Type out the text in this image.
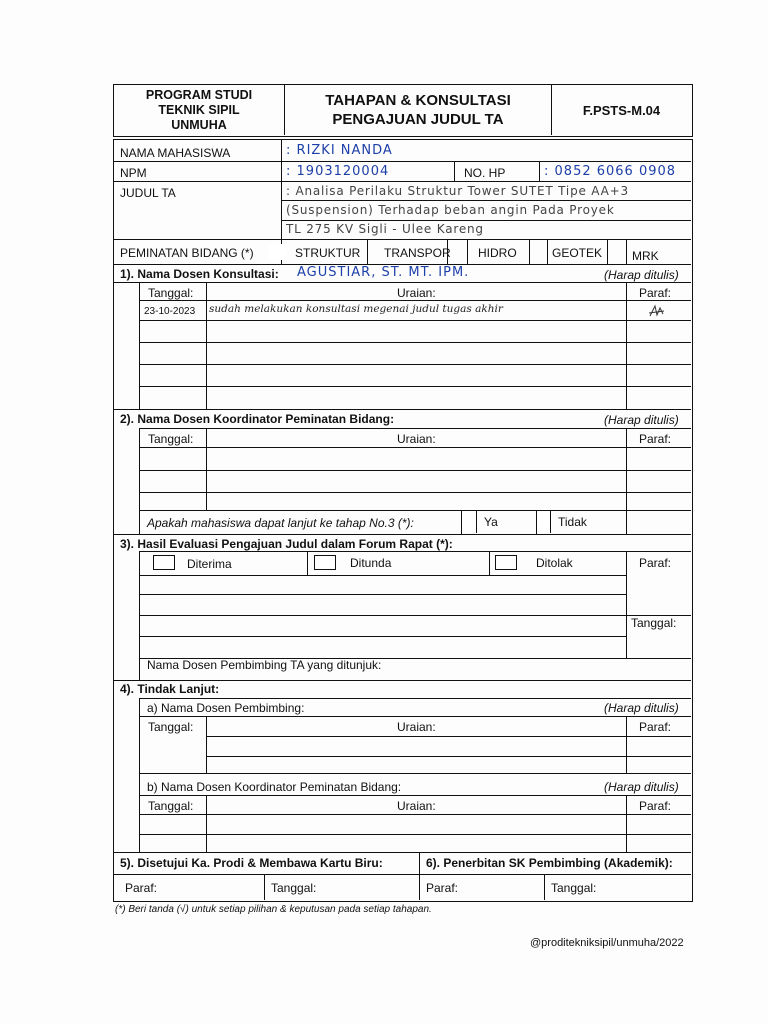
PROGRAM STUDI
TEKNIK SIPIL
UNMUHA
TAHAPAN & KONSULTASI
PENGAJUAN JUDUL TA
F.PSTS-M.04
NAMA MAHASISWA	: RIZKI NANDA
NPM	: 1903120004	NO. HP	: 0852 6066 0908
JUDUL TA	: Analisa Perilaku Struktur Tower SUTET Tipe AA+3
(Suspension) Terhadap beban angin Pada Proyek
TL 275 KV Sigli - Ulee Kareng
PEMINATAN BIDANG (*)	STRUKTUR TRANSPOR HIDRO	GEOTEK MRK
1). Nama Dosen Konsultasi: AGUSTIAR, ST. MT. IPM.	(Harap ditulis)
Tanggal:	Uraian:	Paraf:
23-10-2023 sudah melakukan konsultasi megenai judul tugas akhir
2). Nama Dosen Koordinator Peminatan Bidang:	(Harap ditulis)
Tanggal:	Uraian:	Paraf:
Apakah mahasiswa dapat lanjut ke tahap No.3 (*):	Ya	Tidak
3). Hasil Evaluasi Pengajuan Judul dalam Forum Rapat (*):
Diterima	Ditunda	Ditolak	Paraf:
Tanggal:
Nama Dosen Pembimbing TA yang ditunjuk:
4). Tindak Lanjut:
a) Nama Dosen Pembimbing:	(Harap ditulis)
Tanggal:	Uraian:	Paraf:
b) Nama Dosen Koordinator Peminatan Bidang:	(Harap ditulis)
Tanggal:	Uraian:	Paraf:
5). Disetujui Ka. Prodi & Membawa Kartu Biru:	6). Penerbitan SK Pembimbing (Akademik):
Paraf:	Tanggal:	Paraf:	Tanggal:
(*) Beri tanda (√) untuk setiap pilihan & keputusan pada setiap tahapan.
@prodi​teknik​sipil/unmuha/2022
